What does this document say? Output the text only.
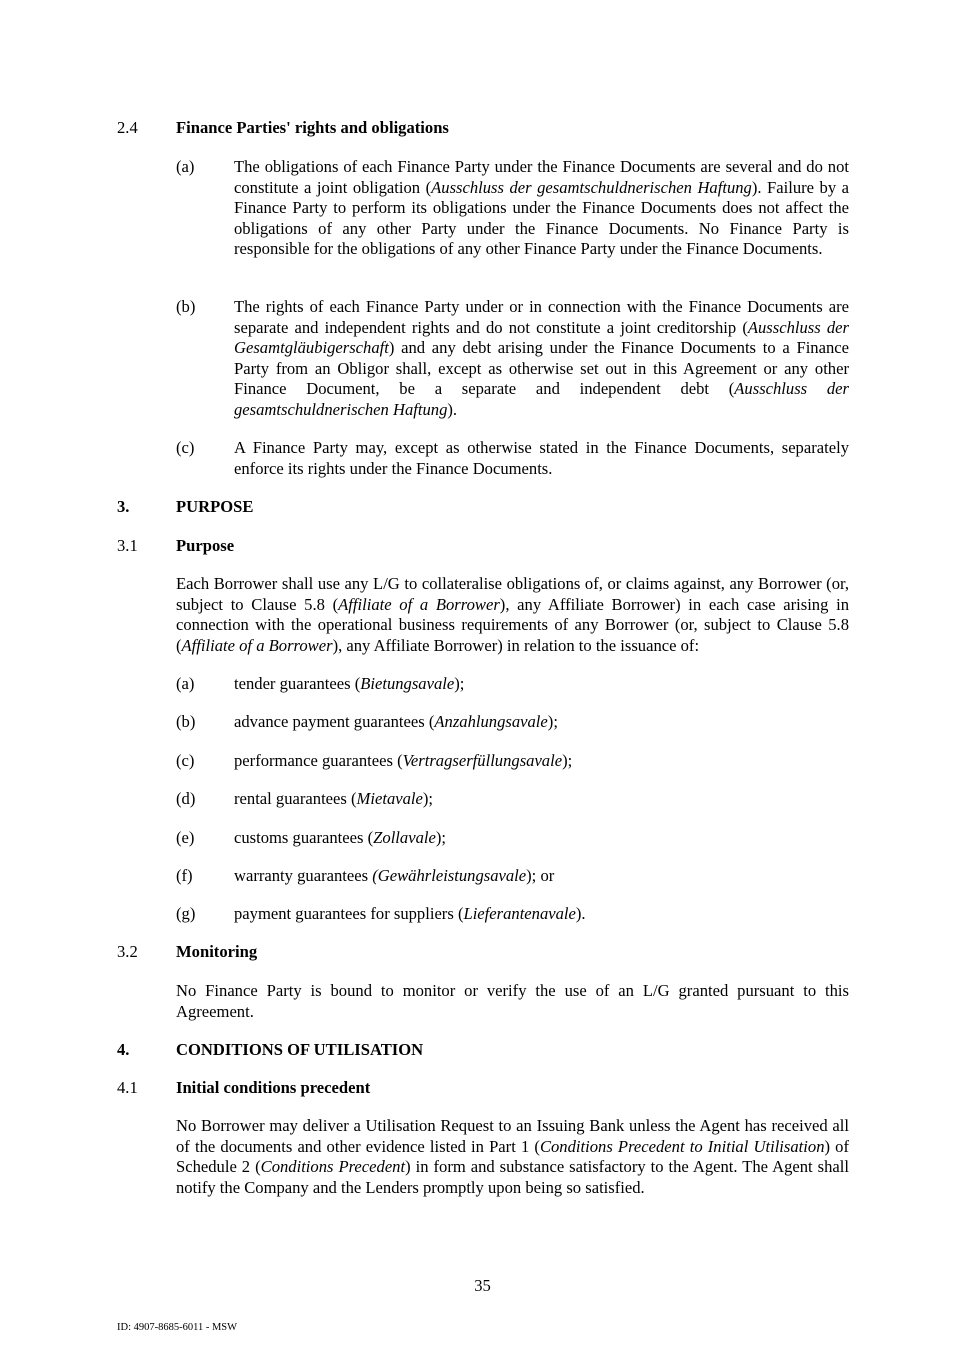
2.4 Finance Parties' rights and obligations
(a) The obligations of each Finance Party under the Finance Documents are several and do not constitute a joint obligation (Ausschluss der gesamtschuldnerischen Haftung). Failure by a Finance Party to perform its obligations under the Finance Documents does not affect the obligations of any other Party under the Finance Documents. No Finance Party is responsible for the obligations of any other Finance Party under the Finance Documents.
(b) The rights of each Finance Party under or in connection with the Finance Documents are separate and independent rights and do not constitute a joint creditorship (Ausschluss der Gesamtgläubigerschaft) and any debt arising under the Finance Documents to a Finance Party from an Obligor shall, except as otherwise set out in this Agreement or any other Finance Document, be a separate and independent debt (Ausschluss der gesamtschuldnerischen Haftung).
(c) A Finance Party may, except as otherwise stated in the Finance Documents, separately enforce its rights under the Finance Documents.
3.	PURPOSE
3.1 Purpose
Each Borrower shall use any L/G to collateralise obligations of, or claims against, any Borrower (or, subject to Clause 5.8 (Affiliate of a Borrower), any Affiliate Borrower) in each case arising in connection with the operational business requirements of any Borrower (or, subject to Clause 5.8 (Affiliate of a Borrower), any Affiliate Borrower) in relation to the issuance of:
(a) tender guarantees (Bietungsavale);
(b) advance payment guarantees (Anzahlungsavale);
(c) performance guarantees (Vertragserfüllungsavale);
(d) rental guarantees (Mietavale);
(e) customs guarantees (Zollavale);
(f) warranty guarantees (Gewährleistungsavale); or
(g) payment guarantees for suppliers (Lieferantenavale).
3.2 Monitoring
No Finance Party is bound to monitor or verify the use of an L/G granted pursuant to this Agreement.
4.	CONDITIONS OF UTILISATION
4.1 Initial conditions precedent
No Borrower may deliver a Utilisation Request to an Issuing Bank unless the Agent has received all of the documents and other evidence listed in Part 1 (Conditions Precedent to Initial Utilisation) of Schedule 2 (Conditions Precedent) in form and substance satisfactory to the Agent. The Agent shall notify the Company and the Lenders promptly upon being so satisfied.
35
ID: 4907-8685-6011 - MSW
